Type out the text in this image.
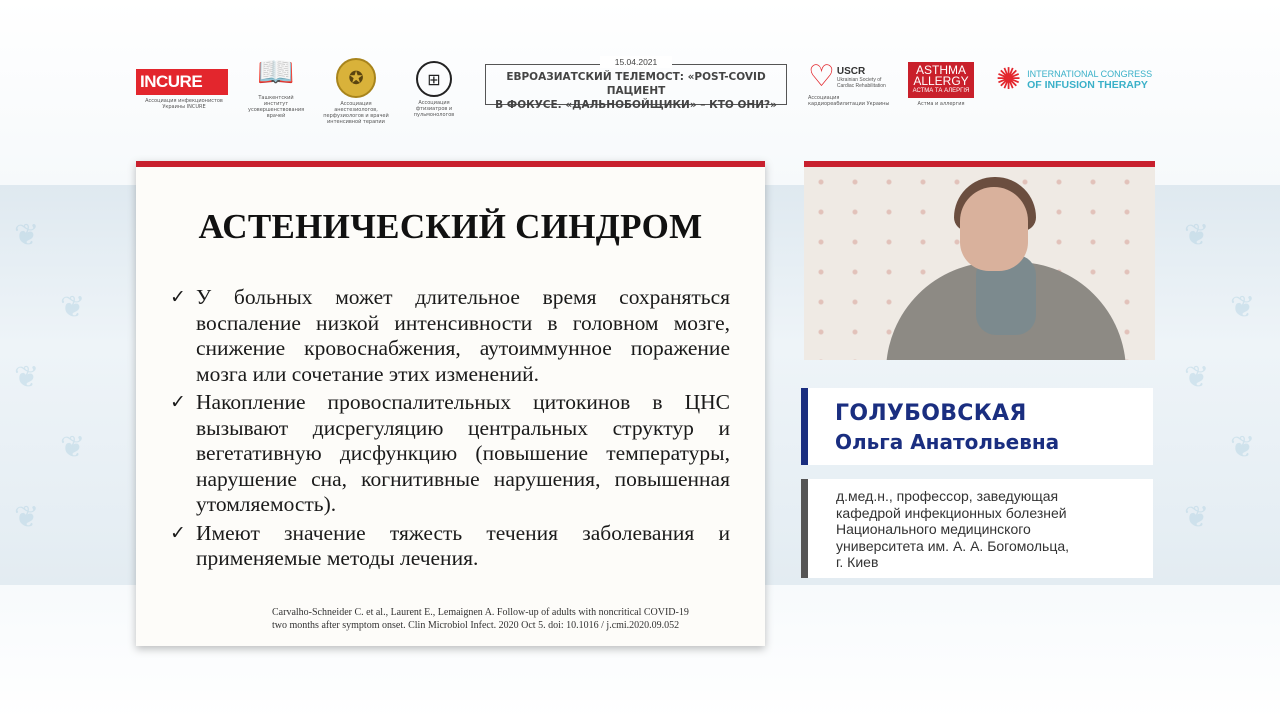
❦
❦
❦
❦
❦
❦
❦
❦
❦
❦
INCURE
Ассоциация инфекционистов Украины INCURE
📖
Ташкентский институт усовершенствования врачей
✪
Ассоциация анестезиологов, перфузиологов и врачей интенсивной терапии
⊞
Ассоциация фтизиатров и пульмонологов
ЕВРОАЗИАТСКИЙ ТЕЛЕМОСТ: «POST-COVID ПАЦИЕНТ
В ФОКУСЕ. «ДАЛЬНОБОЙЩИКИ» – КТО ОНИ?»
15.04.2021	♡ USCR
Ukrainian Society of Cardiac Rehabilitation
Ассоциация кардиореабилитации Украины
ASTHMA
ALLERGY
АСТМА ТА АЛЕРГІЯ
Астма и аллергия
✺ INTERNATIONAL CONGRESS
OF INFUSION THERAPY
АСТЕНИЧЕСКИЙ СИНДРОМ
✓ У больных может длительное время сохраняться воспаление низкой интенсивности в головном мозге, снижение кровоснабжения, аутоиммунное поражение мозга или сочетание этих изменений.
✓ Накопление провоспалительных цитокинов в ЦНС вызывают дисрегуляцию центральных структур и вегетативную дисфункцию (повышение температуры, нарушение сна, когнитивные нарушения, повышенная утомляемость).
✓ Имеют значение тяжесть течения заболевания и применяемые методы лечения.
Carvalho-Schneider C. et al., Laurent E., Lemaignen A. Follow-up of adults with noncritical COVID-19
two months after symptom onset. Clin Microbiol Infect. 2020 Oct 5. doi: 10.1016 / j.cmi.2020.09.052
ГОЛУБОВСКАЯ
Ольга Анатольевна
д.мед.н., профессор, заведующая
кафедрой инфекционных болезней
Национального медицинского
университета им. А. А. Богомольца,
г. Киев
